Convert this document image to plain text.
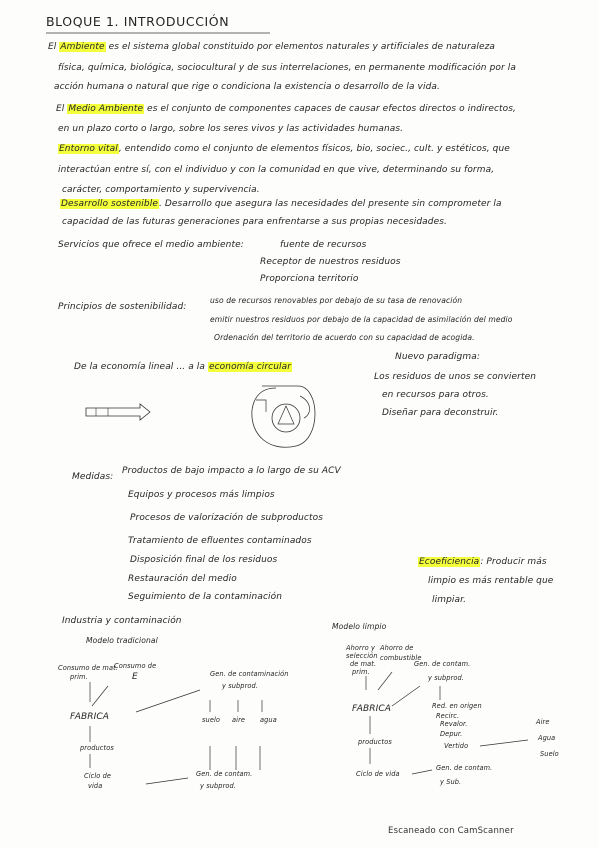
BLOQUE 1. INTRODUCCIÓN
El Ambiente es el sistema global constituido por elementos naturales y artificiales de naturaleza
física, química, biológica, sociocultural y de sus interrelaciones, en permanente modificación por la
acción humana o natural que rige o condiciona la existencia o desarrollo de la vida.
El Medio Ambiente es el conjunto de componentes capaces de causar efectos directos o indirectos,
en un plazo corto o largo, sobre los seres vivos y las actividades humanas.
Entorno vital, entendido como el conjunto de elementos físicos, bio, sociec., cult. y estéticos, que
interactúan entre sí, con el individuo y con la comunidad en que vive, determinando su forma,
carácter, comportamiento y supervivencia.
Desarrollo sostenible. Desarrollo que asegura las necesidades del presente sin comprometer la
capacidad de las futuras generaciones para enfrentarse a sus propias necesidades.
Servicios que ofrece el medio ambiente:	fuente de recursos
Receptor de nuestros residuos
Proporciona territorio
Principios de sostenibilidad:
uso de recursos renovables por debajo de su tasa de renovación
emitir nuestros residuos por debajo de la capacidad de asimilación del medio
Ordenación del territorio de acuerdo con su capacidad de acogida.
De la economía lineal ... a la economía circular
Nuevo paradigma:
Los residuos de unos se convierten
en recursos para otros.
Diseñar para deconstruir.
Medidas:
Productos de bajo impacto a lo largo de su ACV
Equipos y procesos más limpios
Procesos de valorización de subproductos
Tratamiento de efluentes contaminados
Disposición final de los residuos
Restauración del medio
Seguimiento de la contaminación
Ecoeficiencia: Producir más
limpio es más rentable que
limpiar.
Industria y contaminación
Modelo tradicional
Consumo de mat.
prim.
Consumo de
E	Gen. de contaminación
y subprod.
FABRICA	suelo aire agua
productos
Ciclo de
vida
Gen. de contam.
y subprod.
Modelo limpio
Ahorro y
selección
de mat.
prim.
Ahorro de
combustible
Gen. de contam.
y subprod.
FABRICA	Red. en origen
Recirc.
Revalor.
Depur.
Vertido
Aire
Agua
Suelo
productos
Ciclo de vida
Gen. de contam.
y Sub.
Escaneado con CamScanner
